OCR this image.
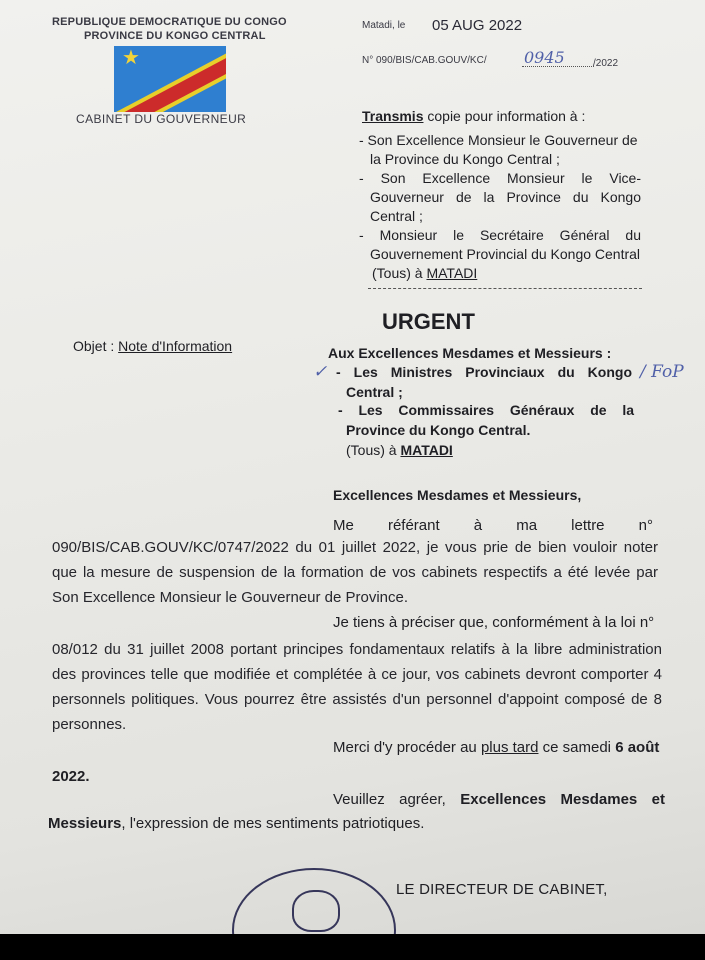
REPUBLIQUE DEMOCRATIQUE DU CONGO
PROVINCE DU KONGO CENTRAL
★
CABINET DU GOUVERNEUR
Matadi, le 05 AUG 2022
N° 090/BIS/CAB.GOUV/KC/ 0945	/2022
Transmis copie pour information à :
- Son Excellence Monsieur le Gouverneur de
la Province du Kongo Central ;
- Son Excellence Monsieur le Vice-
Gouverneur de la Province du Kongo
Central ;
- Monsieur le Secrétaire Général du
Gouvernement Provincial du Kongo Central
(Tous) à MATADI
URGENT
Objet : Note d'Information	Aux Excellences Mesdames et Messieurs :
✓ - Les Ministres Provinciaux du Kongo / FoP
Central ;
- Les Commissaires Généraux de la
Province du Kongo Central.
(Tous) à MATADI
Excellences Mesdames et Messieurs,
Me référant à ma lettre n°
090/BIS/CAB.GOUV/KC/0747/2022 du 01 juillet 2022, je vous prie de bien vouloir noter que la mesure de suspension de la formation de vos cabinets respectifs a été levée par Son Excellence Monsieur le Gouverneur de Province.
Je tiens à préciser que, conformément à la loi n°
08/012 du 31 juillet 2008 portant principes fondamentaux relatifs à la libre administration des provinces telle que modifiée et complétée à ce jour, vos cabinets devront comporter 4 personnels politiques. Vous pourrez être assistés d'un personnel d'appoint composé de 8 personnes.
Merci d'y procéder au plus tard ce samedi 6 août
2022.
Veuillez agréer, Excellences Mesdames et
Messieurs, l'expression de mes sentiments patriotiques.
LE DIRECTEUR DE CABINET,
